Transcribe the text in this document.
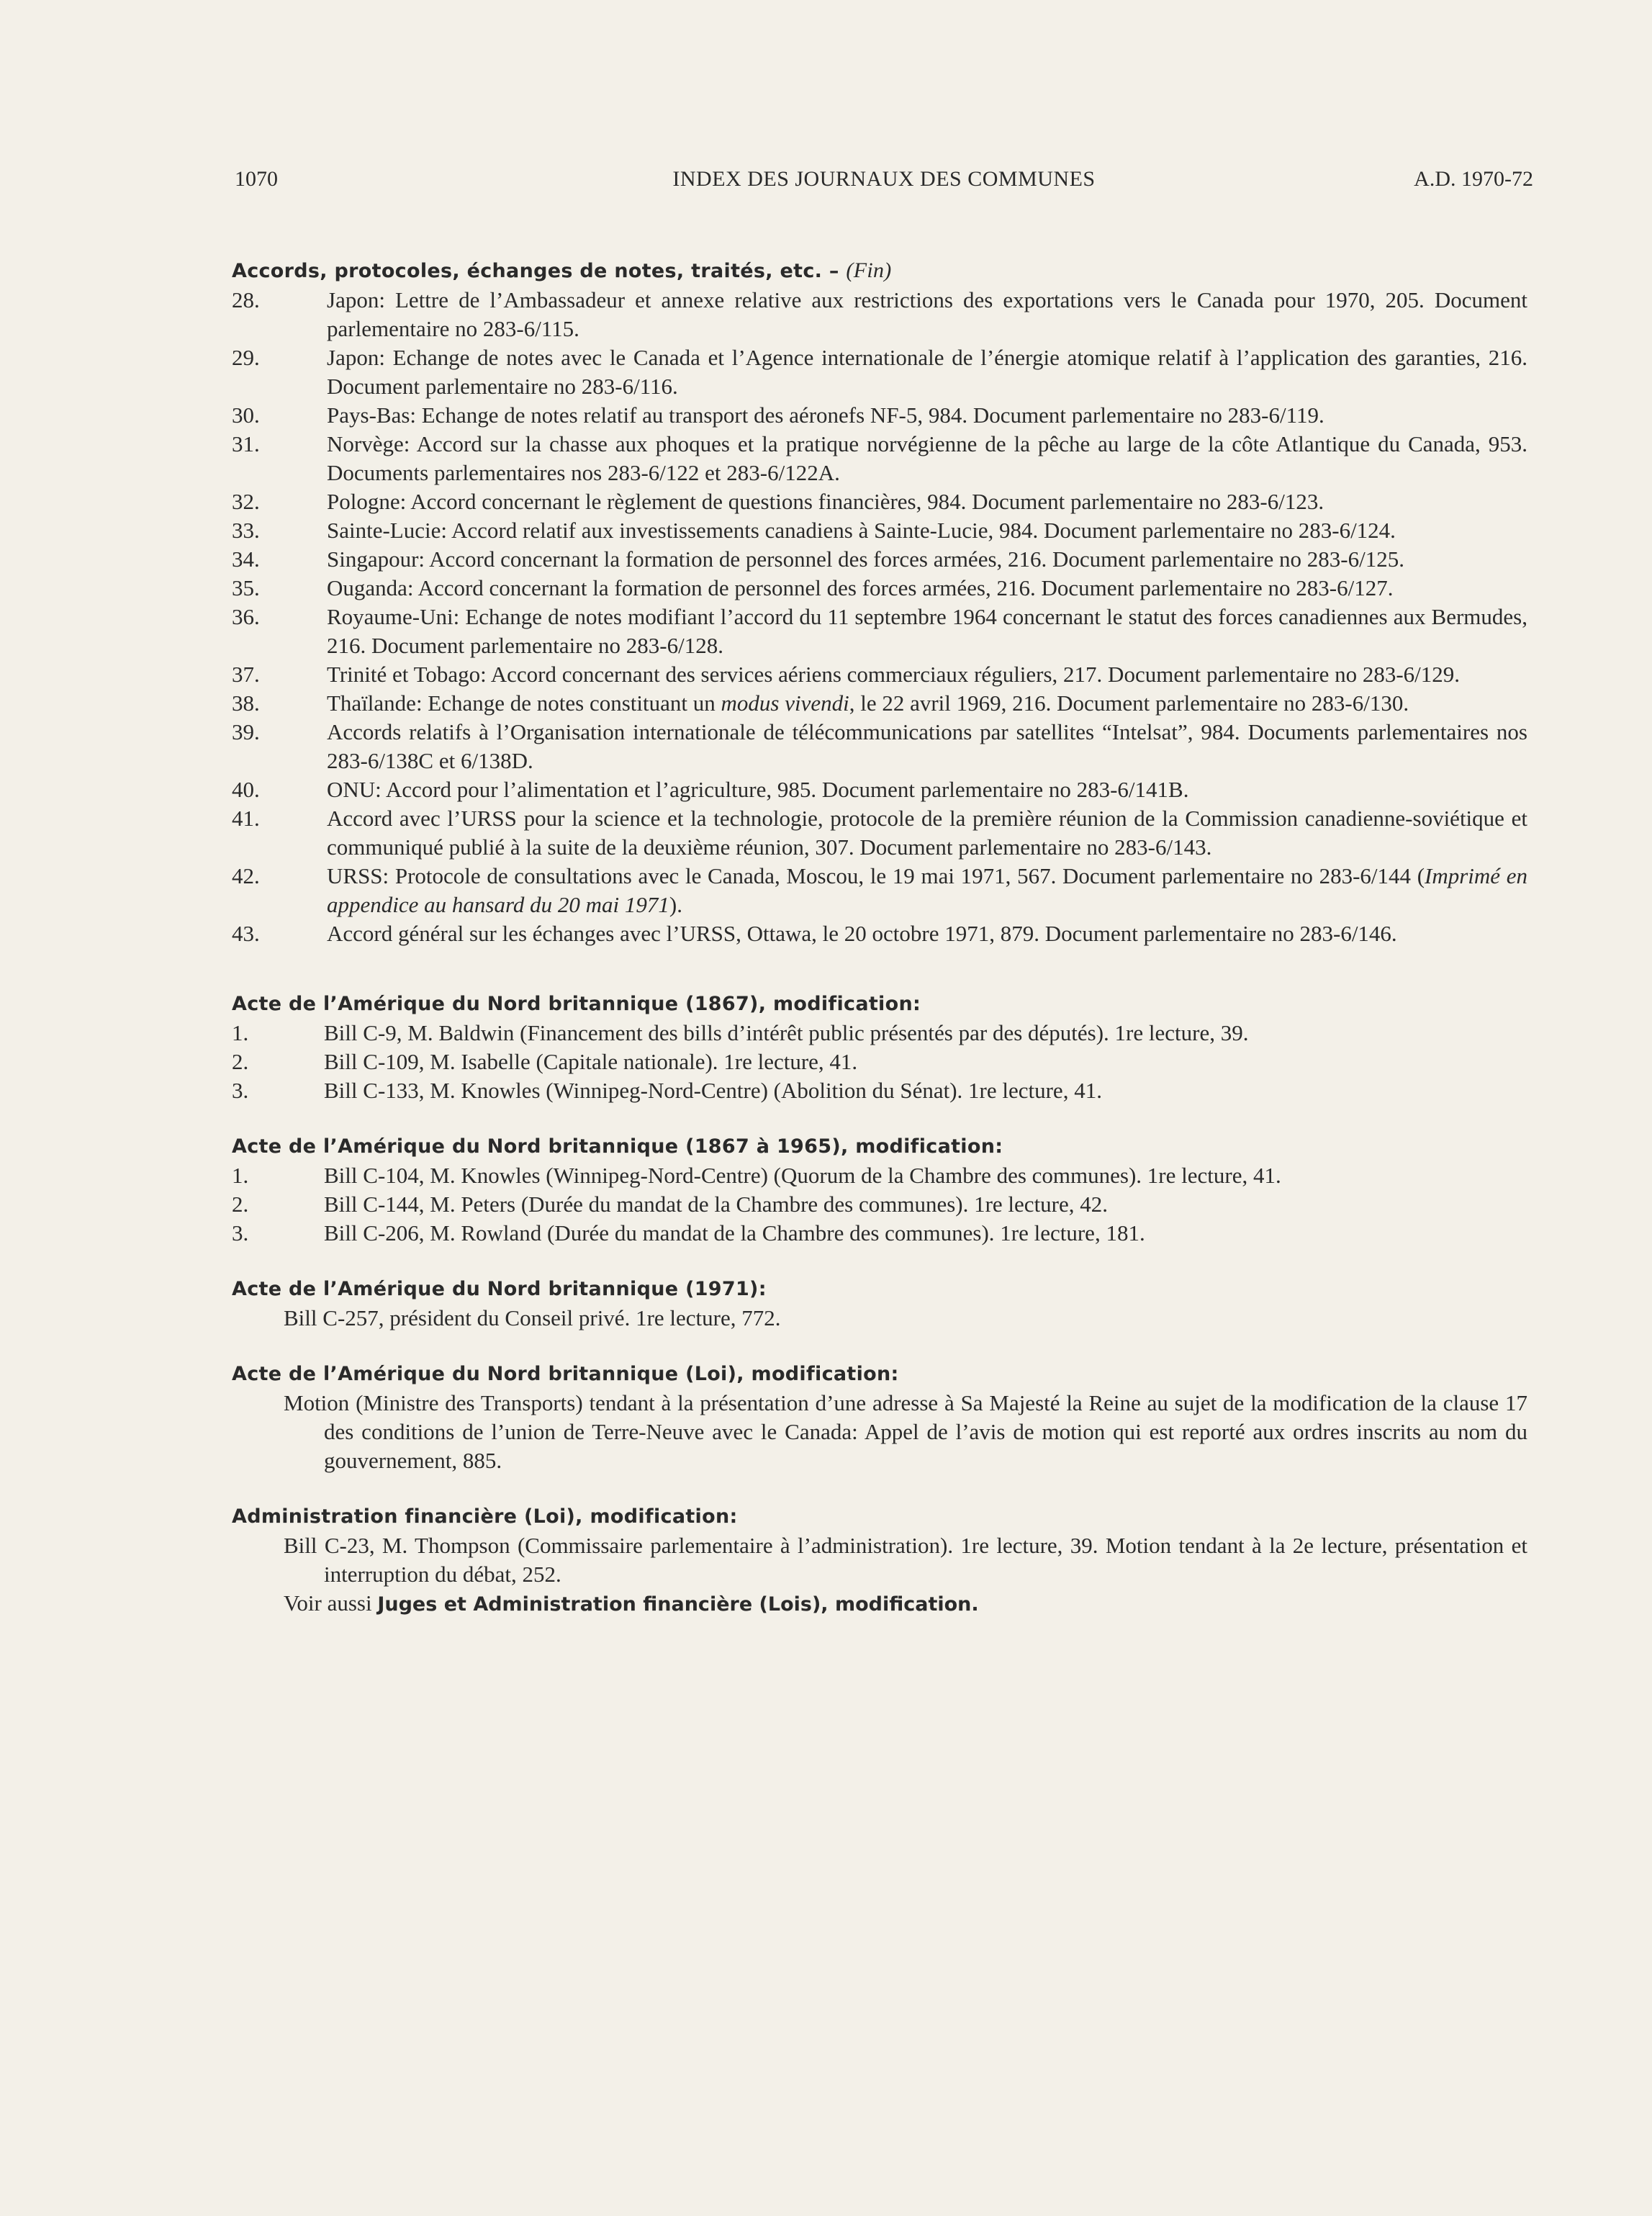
1070	INDEX DES JOURNAUX DES COMMUNES	A.D. 1970-72
Accords, protocoles, échanges de notes, traités, etc. – (Fin)
28.	Japon: Lettre de l’Ambassadeur et annexe relative aux restrictions des exportations vers le Canada pour 1970, 205. Document parlementaire no 283-6/115.
29.	Japon: Echange de notes avec le Canada et l’Agence internationale de l’énergie atomique relatif à l’application des garanties, 216. Document parlementaire no 283-6/116.
30.	Pays-Bas: Echange de notes relatif au transport des aéronefs NF-5, 984. Document parlementaire no 283-6/119.
31.	Norvège: Accord sur la chasse aux phoques et la pratique norvégienne de la pêche au large de la côte Atlantique du Canada, 953. Documents parlementaires nos 283-6/122 et 283-6/122A.
32.	Pologne: Accord concernant le règlement de questions financières, 984. Document parlementaire no 283-6/123.
33.	Sainte-Lucie: Accord relatif aux investissements canadiens à Sainte-Lucie, 984. Document parlementaire no 283-6/124.
34.	Singapour: Accord concernant la formation de personnel des forces armées, 216. Document parlementaire no 283-6/125.
35.	Ouganda: Accord concernant la formation de personnel des forces armées, 216. Document parlementaire no 283-6/127.
36.	Royaume-Uni: Echange de notes modifiant l’accord du 11 septembre 1964 concernant le statut des forces canadiennes aux Bermudes, 216. Document parlementaire no 283-6/128.
37.	Trinité et Tobago: Accord concernant des services aériens commerciaux réguliers, 217. Document parlementaire no 283-6/129.
38.	Thaïlande: Echange de notes constituant un modus vivendi, le 22 avril 1969, 216. Document parlementaire no 283-6/130.
39.	Accords relatifs à l’Organisation internationale de télécommunications par satellites “Intelsat”, 984. Documents parlementaires nos 283-6/138C et 6/138D.
40.	ONU: Accord pour l’alimentation et l’agriculture, 985. Document parlementaire no 283-6/141B.
41.	Accord avec l’URSS pour la science et la technologie, protocole de la première réunion de la Commission canadienne-soviétique et communiqué publié à la suite de la deuxième réunion, 307. Document parlementaire no 283-6/143.
42.	URSS: Protocole de consultations avec le Canada, Moscou, le 19 mai 1971, 567. Document parlementaire no 283-6/144 (Imprimé en appendice au hansard du 20 mai 1971).
43.	Accord général sur les échanges avec l’URSS, Ottawa, le 20 octobre 1971, 879. Document parlementaire no 283-6/146.
Acte de l’Amérique du Nord britannique (1867), modification:
1.	Bill C-9, M. Baldwin (Financement des bills d’intérêt public présentés par des députés). 1re lecture, 39.
2.	Bill C-109, M. Isabelle (Capitale nationale). 1re lecture, 41.
3.	Bill C-133, M. Knowles (Winnipeg-Nord-Centre) (Abolition du Sénat). 1re lecture, 41.
Acte de l’Amérique du Nord britannique (1867 à 1965), modification:
1.	Bill C-104, M. Knowles (Winnipeg-Nord-Centre) (Quorum de la Chambre des communes). 1re lecture, 41.
2.	Bill C-144, M. Peters (Durée du mandat de la Chambre des communes). 1re lecture, 42.
3.	Bill C-206, M. Rowland (Durée du mandat de la Chambre des communes). 1re lecture, 181.
Acte de l’Amérique du Nord britannique (1971):
Bill C-257, président du Conseil privé. 1re lecture, 772.
Acte de l’Amérique du Nord britannique (Loi), modification:
Motion (Ministre des Transports) tendant à la présentation d’une adresse à Sa Majesté la Reine au sujet de la modification de la clause 17 des conditions de l’union de Terre-Neuve avec le Canada: Appel de l’avis de motion qui est reporté aux ordres inscrits au nom du gouvernement, 885.
Administration financière (Loi), modification:
Bill C-23, M. Thompson (Commissaire parlementaire à l’administration). 1re lecture, 39. Motion tendant à la 2e lecture, présentation et interruption du débat, 252.
Voir aussi Juges et Administration financière (Lois), modification.
